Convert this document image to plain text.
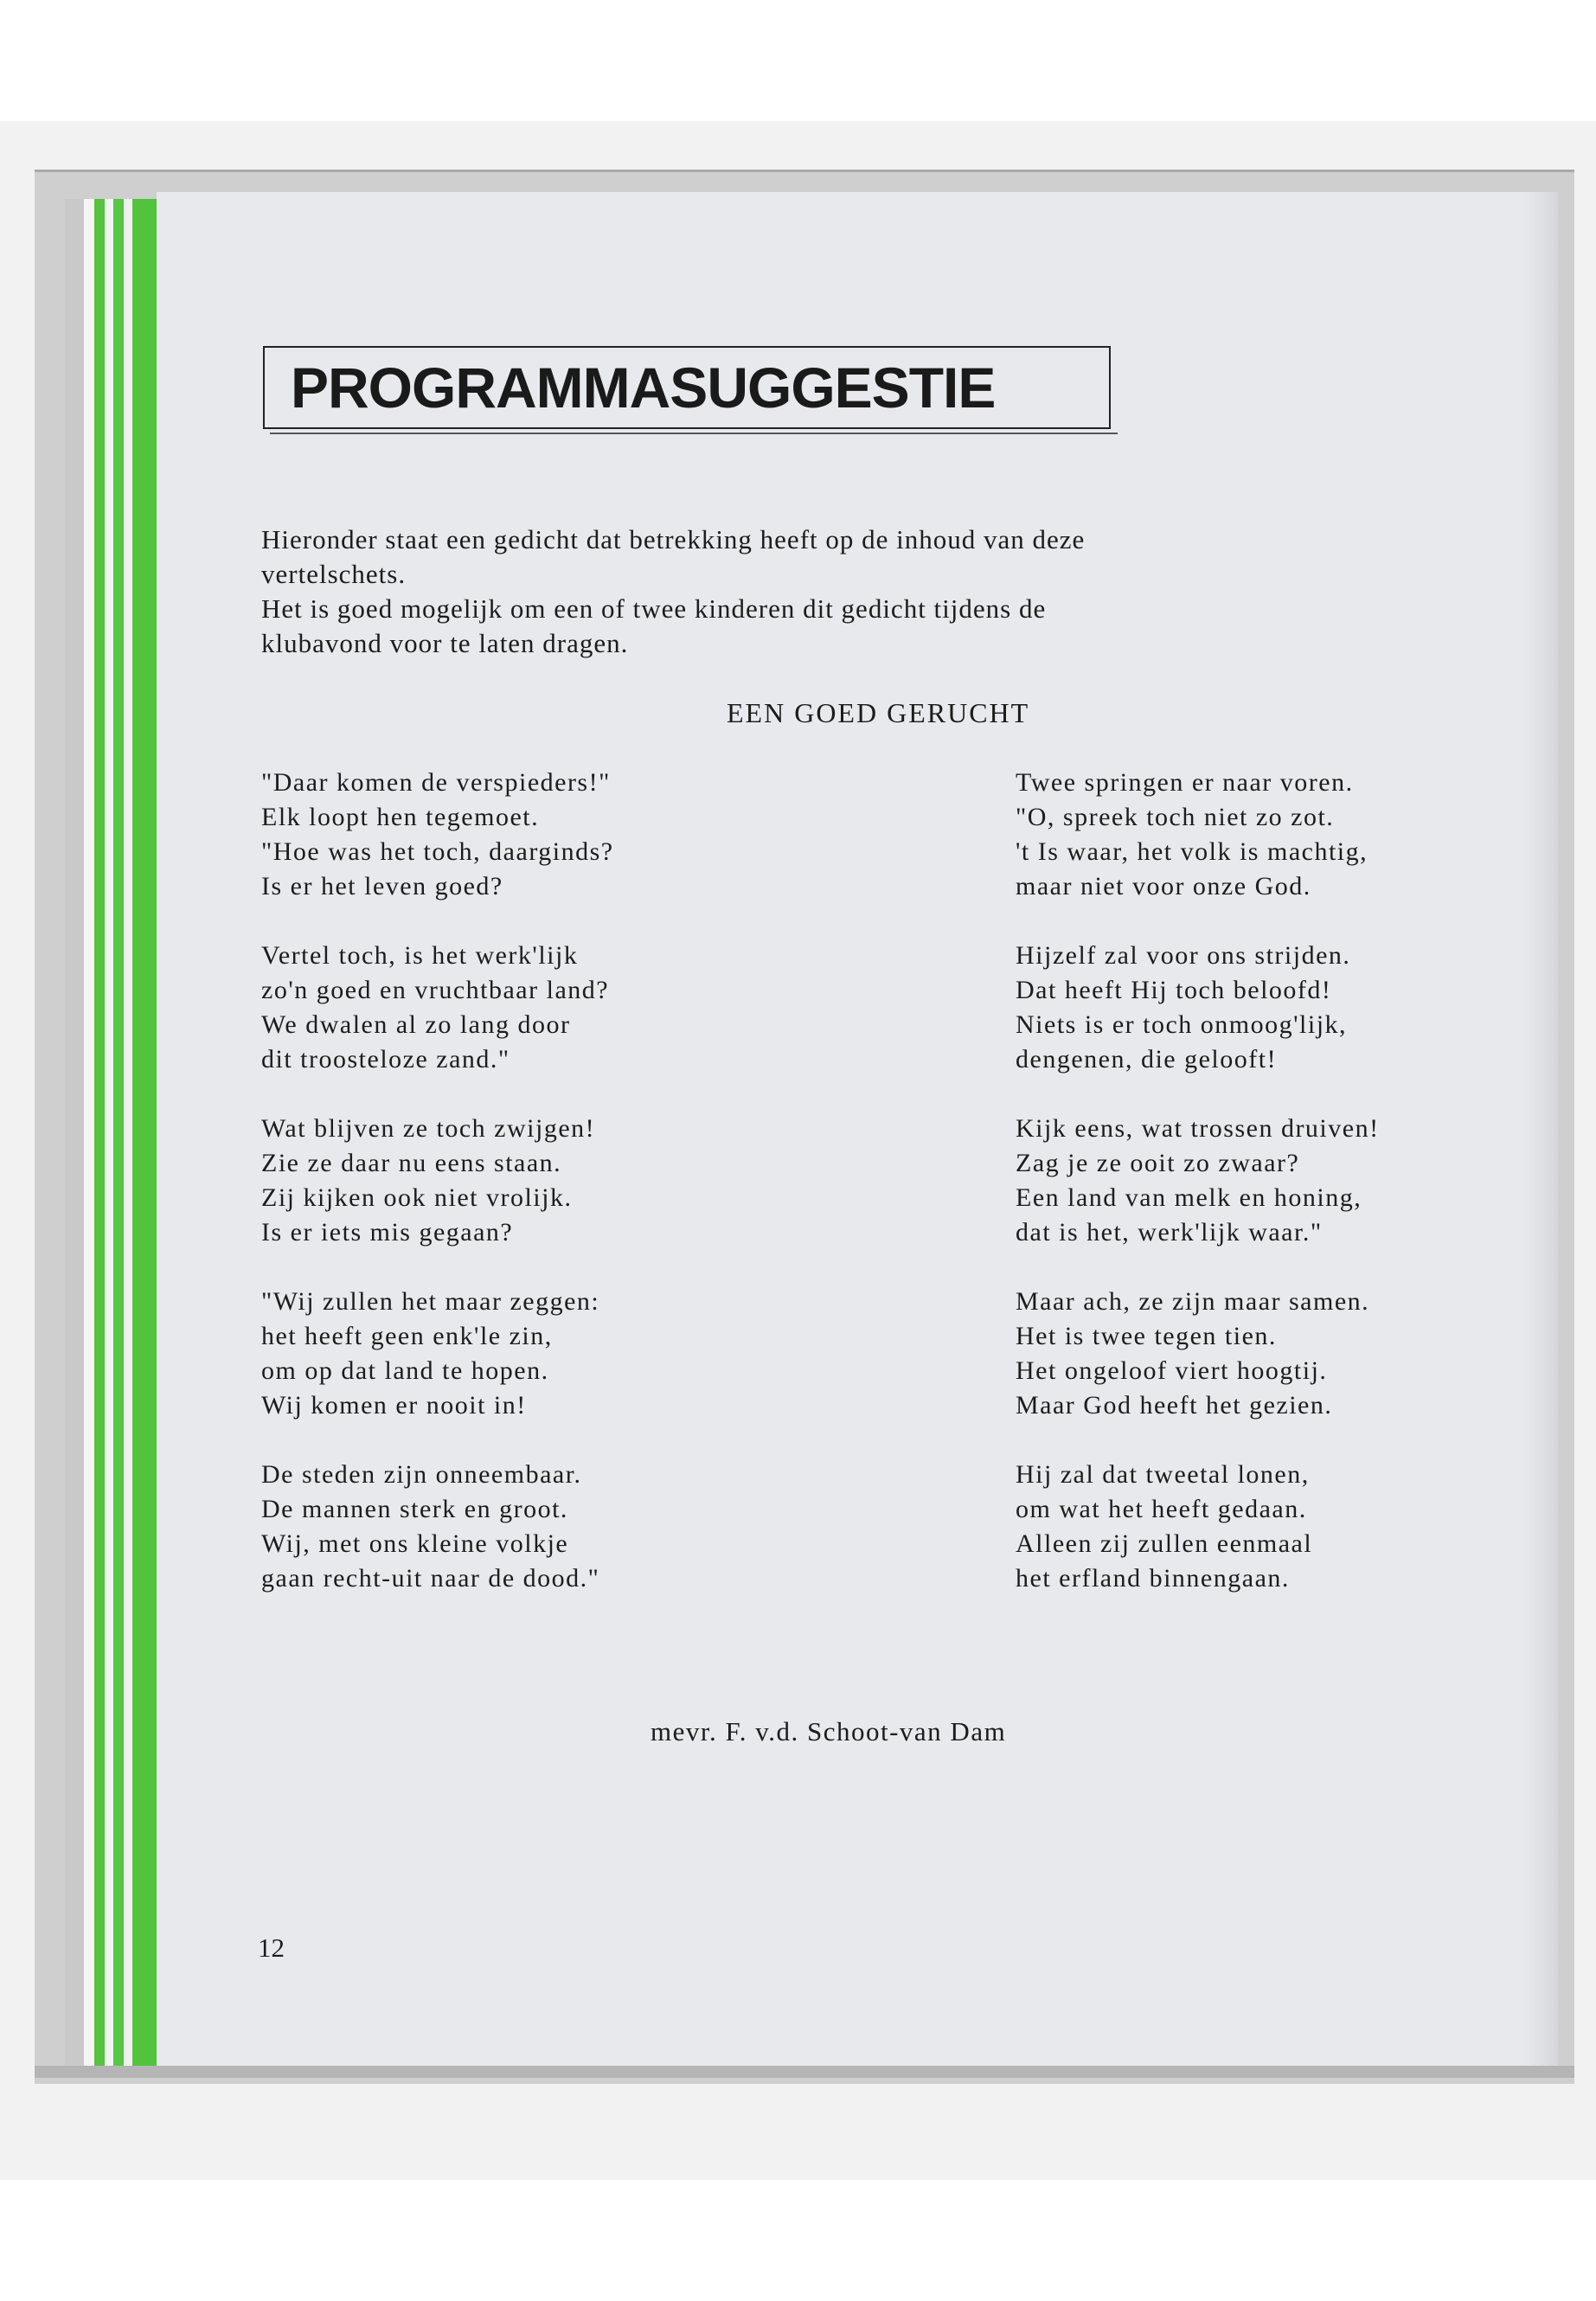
PROGRAMMASUGGESTIE

Hieronder staat een gedicht dat betrekking heeft op de inhoud van deze

vertelschets.

Het is goed mogelijk om een of twee kinderen dit gedicht tijdens de

klubavond voor te laten dragen.

EEN GOED GERUCHT
"Daar komen de verspieders!"
Elk loopt hen tegemoet.
"Hoe was het toch, daarginds?
Is er het leven goed?
Vertel toch, is het werk'lijk
zo'n goed en vruchtbaar land?
We dwalen al zo lang door
dit troosteloze zand."
Wat blijven ze toch zwijgen!
Zie ze daar nu eens staan.
Zij kijken ook niet vrolijk.
Is er iets mis gegaan?
"Wij zullen het maar zeggen:
het heeft geen enk'le zin,
om op dat land te hopen.
Wij komen er nooit in!
De steden zijn onneembaar.
De mannen sterk en groot.
Wij, met ons kleine volkje
gaan recht-uit naar de dood."
Twee springen er naar voren.
"O, spreek toch niet zo zot.
't Is waar, het volk is machtig,
maar niet voor onze God.
Hijzelf zal voor ons strijden.
Dat heeft Hij toch beloofd!
Niets is er toch onmoog'lijk,
dengenen, die gelooft!
Kijk eens, wat trossen druiven!
Zag je ze ooit zo zwaar?
Een land van melk en honing,
dat is het, werk'lijk waar."
Maar ach, ze zijn maar samen.
Het is twee tegen tien.
Het ongeloof viert hoogtij.
Maar God heeft het gezien.
Hij zal dat tweetal lonen,
om wat het heeft gedaan.
Alleen zij zullen eenmaal
het erfland binnengaan.
mevr. F. v.d. Schoot-van Dam
12
